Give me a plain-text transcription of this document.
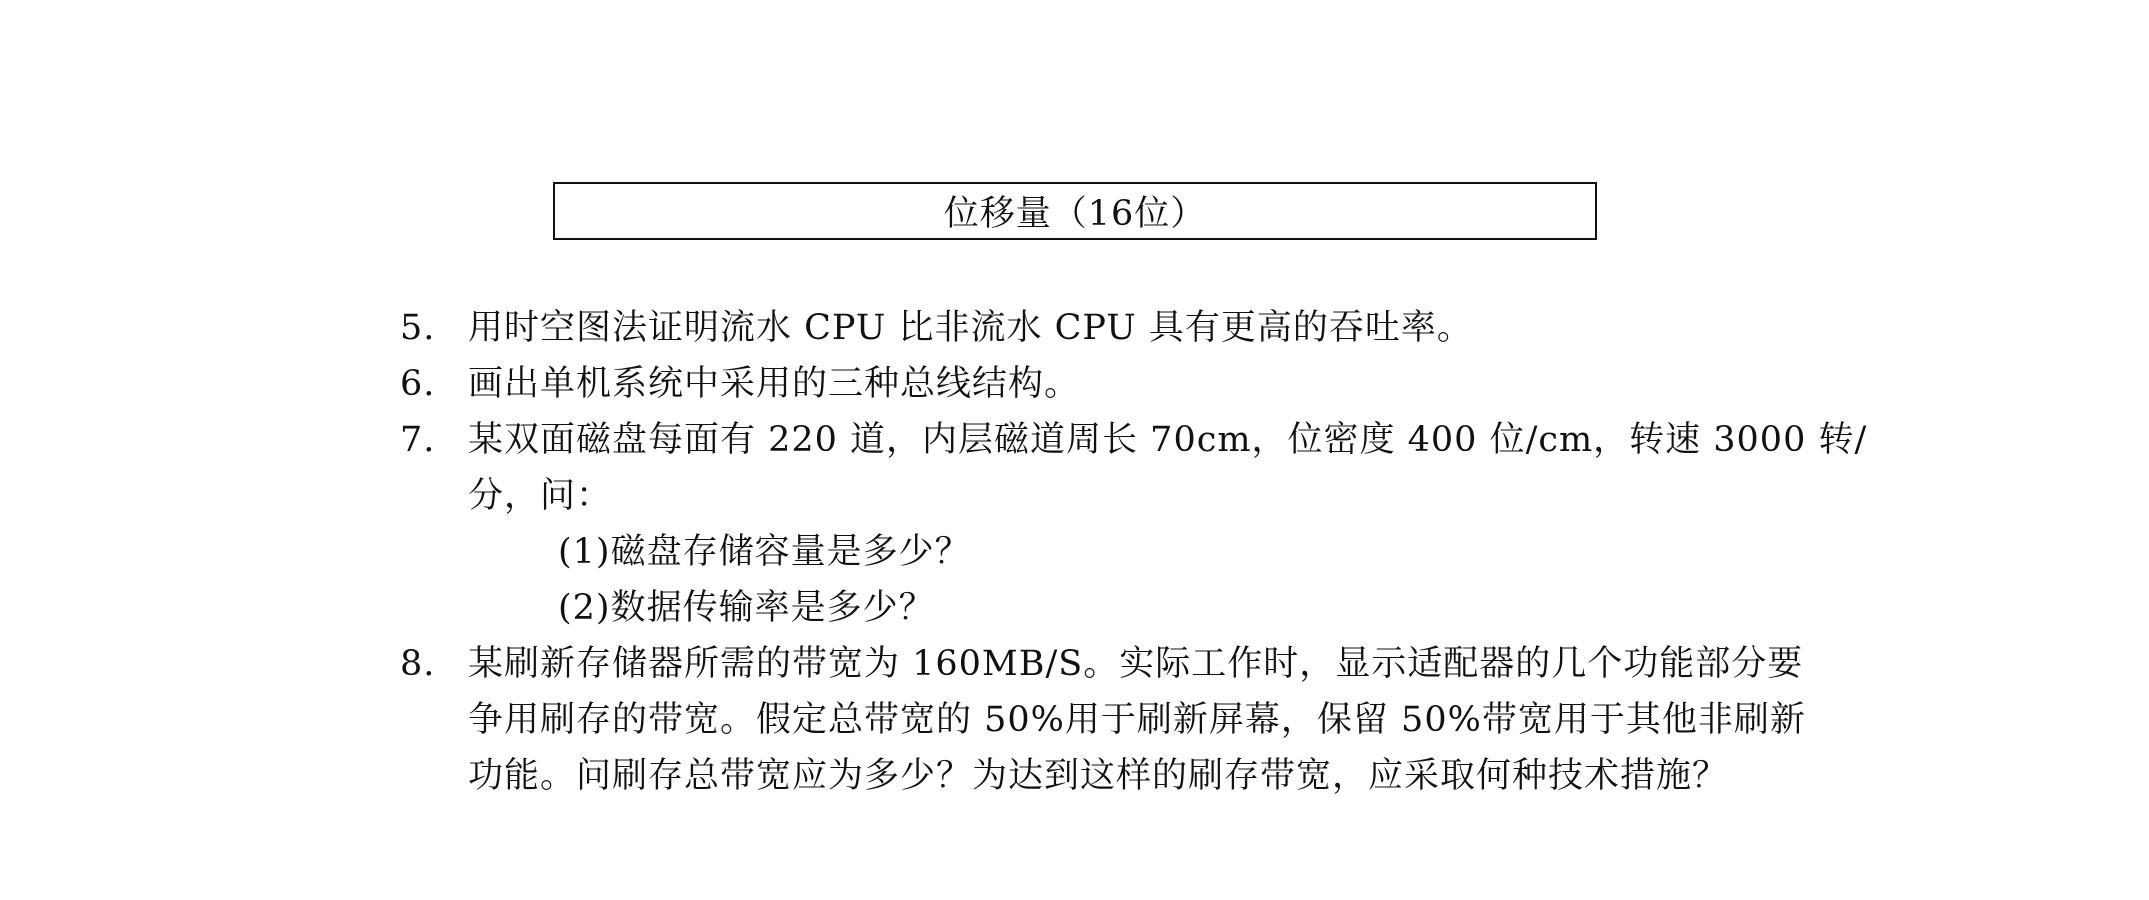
位移量（16位）
5. 用时空图法证明流水 CPU 比非流水 CPU 具有更高的吞吐率。
6. 画出单机系统中采用的三种总线结构。
7. 某双面磁盘每面有 220 道，内层磁道周长 70cm，位密度 400 位/cm，转速 3000 转/
分，问：
(1)磁盘存储容量是多少？
(2)数据传输率是多少？
8. 某刷新存储器所需的带宽为 160MB/S。实际工作时，显示适配器的几个功能部分要
争用刷存的带宽。假定总带宽的 50%用于刷新屏幕，保留 50%带宽用于其他非刷新
功能。问刷存总带宽应为多少？为达到这样的刷存带宽，应采取何种技术措施？
